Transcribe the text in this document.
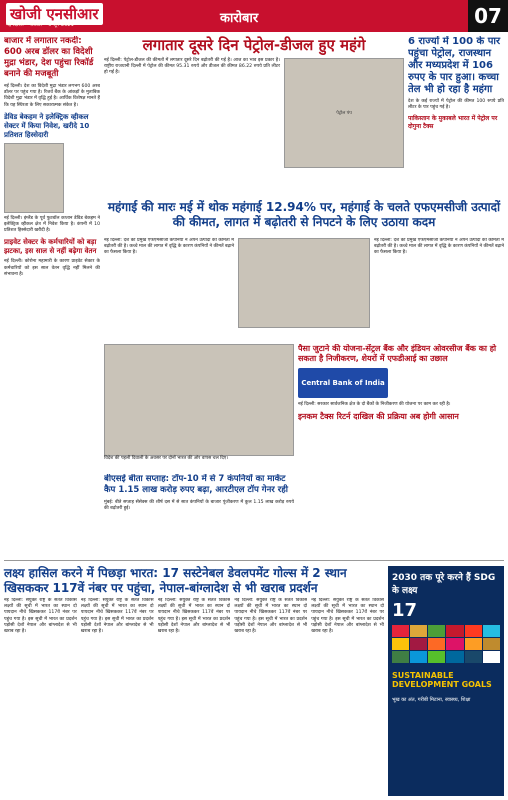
खोजी एनसीआर
नई दिल्ली • रविवार • 9 जून 2021	कारोबार	07
बाजार में लगातार नकदी: 600 अरब डॉलर का विदेशी मुद्रा भंडार, देश पहुंचा रिकॉर्ड बनाने की मजबूती
नई दिल्ली। देश का विदेशी मुद्रा भंडार लगभग 600 अरब डॉलर पर पहुंच गया है। रिजर्व बैंक के आंकड़ों के मुताबिक विदेशी मुद्रा भंडार में वृद्धि हुई है। आर्थिक विशेषज्ञ मानते हैं कि यह स्थिरता के लिए सकारात्मक संकेत है।
डेविड बेकहम ने इलेक्ट्रिक व्हीकल सेक्टर में किया निवेश, खरीदे 10 प्रतिशत हिस्सेदारी
नई दिल्ली। इंग्लैंड के पूर्व फुटबॉल कप्तान डेविड बेकहम ने इलेक्ट्रिक व्हीकल क्षेत्र में निवेश किया है। कंपनी में 10 प्रतिशत हिस्सेदारी खरीदी है।
प्राइवेट सेक्टर के कर्मचारियों को बड़ा झटका, इस साल से नहीं बढ़ेगा वेतन
नई दिल्ली। कोरोना महामारी के कारण प्राइवेट सेक्टर के कर्मचारियों को इस साल वेतन वृद्धि नहीं मिलने की संभावना है।
लगातार दूसरे दिन पेट्रोल-डीजल हुए महंगे
नई दिल्ली: पेट्रोल-डीजल की कीमतों में लगातार दूसरे दिन बढ़ोतरी की गई है। आज का भाव इस प्रकार है। राष्ट्रीय राजधानी दिल्ली में पेट्रोल की कीमत 95.31 रुपये और डीजल की कीमत 86.22 रुपये प्रति लीटर हो गई है।
पेट्रोल पंप
6 राज्यों में 100 के पार पहुंचा पेट्रोल, राजस्थान और मध्यप्रदेश में 106 रुपए के पार हुआ। कच्चा तेल भी हो रहा है महंगा
देश के कई राज्यों में पेट्रोल की कीमत 100 रुपये प्रति लीटर के पार पहुंच गई है।
पाकिस्तान के मुकाबले भारत में पेट्रोल पर दोगुना टैक्स
महंगाई की मारः मई में थोक महंगाई 12.94% पर, महंगाई के चलते एफएमसीजी उत्पादों की कीमत, लागत में बढ़ोतरी से निपटने के लिए उठाया कदम
नई दिल्ली: देश की प्रमुख एफएमसीजी कंपनियों ने अपने उत्पादों की कीमतों में बढ़ोतरी की है। कच्चे माल की लागत में वृद्धि के कारण कंपनियों ने कीमतें बढ़ाने का फैसला किया है।
नई दिल्ली: देश की प्रमुख एफएमसीजी कंपनियों ने अपने उत्पादों की कीमतों में बढ़ोतरी की है। कच्चे माल की लागत में वृद्धि के कारण कंपनियों ने कीमतें बढ़ाने का फैसला किया है।
विदेश की पहली दिवाली के अवसर पर दोनों भारत की ओर वापस चल दिए।
पैसा जुटाने की योजना-सेंट्रल बैंक और इंडियन ओवरसीज बैंक का हो सकता है निजीकरण, शेयरों में एफडीआई का उछाल
Central Bank of India
नई दिल्ली: सरकार सार्वजनिक क्षेत्र के दो बैंकों के निजीकरण की योजना पर काम कर रही है।
इनकम टैक्स रिटर्न दाखिल की प्रक्रिया अब होगी आसान
बीएसई बीता सप्ताह: टॉप-10 में से 7 कंपनियों का मार्केट कैप 1.15 लाख करोड़ रुपए बढ़ा, आरटीएल टॉप गेनर रही
मुंबई: बीते सप्ताह सेंसेक्स की शीर्ष दस में से सात कंपनियों के बाजार पूंजीकरण में कुल 1.15 लाख करोड़ रुपये की बढ़ोतरी हुई।
लक्ष्य हासिल करने में पिछड़ा भारत: 17 सस्टेनेबल डेवलपमेंट गोल्स में 2 स्थान खिसककर 117वें नंबर पर पहुंचा, नेपाल-बांग्लादेश से भी खराब प्रदर्शन
नई दिल्ली: संयुक्त राष्ट्र के सतत विकास लक्ष्यों की सूची में भारत का स्थान दो पायदान नीचे खिसककर 117वें नंबर पर पहुंच गया है। इस सूची में भारत का प्रदर्शन पड़ोसी देशों नेपाल और बांग्लादेश से भी खराब रहा है।
नई दिल्ली: संयुक्त राष्ट्र के सतत विकास लक्ष्यों की सूची में भारत का स्थान दो पायदान नीचे खिसककर 117वें नंबर पर पहुंच गया है। इस सूची में भारत का प्रदर्शन पड़ोसी देशों नेपाल और बांग्लादेश से भी खराब रहा है।
नई दिल्ली: संयुक्त राष्ट्र के सतत विकास लक्ष्यों की सूची में भारत का स्थान दो पायदान नीचे खिसककर 117वें नंबर पर पहुंच गया है। इस सूची में भारत का प्रदर्शन पड़ोसी देशों नेपाल और बांग्लादेश से भी खराब रहा है।
नई दिल्ली: संयुक्त राष्ट्र के सतत विकास लक्ष्यों की सूची में भारत का स्थान दो पायदान नीचे खिसककर 117वें नंबर पर पहुंच गया है। इस सूची में भारत का प्रदर्शन पड़ोसी देशों नेपाल और बांग्लादेश से भी खराब रहा है।
नई दिल्ली: संयुक्त राष्ट्र के सतत विकास लक्ष्यों की सूची में भारत का स्थान दो पायदान नीचे खिसककर 117वें नंबर पर पहुंच गया है। इस सूची में भारत का प्रदर्शन पड़ोसी देशों नेपाल और बांग्लादेश से भी खराब रहा है।
2030 तक पूरे करने हैं SDG के लक्ष्य
17
SUSTAINABLE DEVELOPMENT GOALS
भूख का अंत, गरीबी मिटाना, स्वास्थ्य, शिक्षा
